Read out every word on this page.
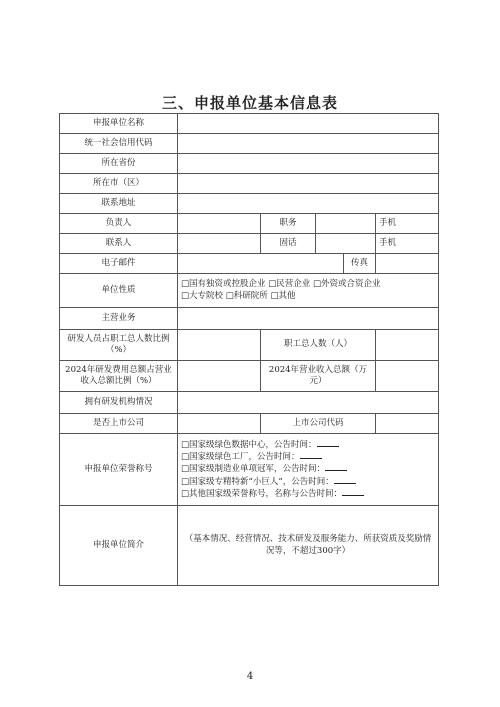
三、申报单位基本信息表
申报单位名称					
统一社会信用代码					
所在省份					
所在市（区）					
联系地址					
负责人		职务			手机
联系人		固话			手机
电子邮件				传真	
单位性质	□国有独资或控股企业 □民营企业 □外资或合资企业
□大专院校 □科研院所 □其他				

主营业务					
研发人员占职工总人数比例（%）		职工总人数（人）			
2024年研发费用总额占营业收入总额比例（%）		2024年营业收入总额（万元）			
拥有研发机构情况					
是否上市公司		上市公司代码			
申报单位荣誉称号	□国家级绿色数据中心，公告时间：
□国家级绿色工厂，公告时间：
□国家级制造业单项冠军，公告时间：
□国家级专精特新“小巨人”，公告时间：
□其他国家级荣誉称号，名称与公告时间：				

申报单位简介	（基本情况、经营情况、技术研发及服务能力、所获资质及奖励情况等，不超过300字）				
4
